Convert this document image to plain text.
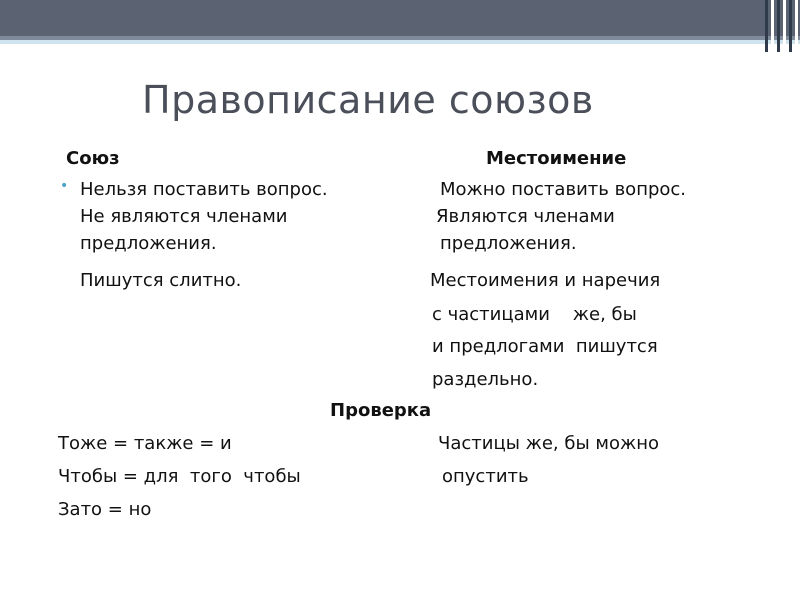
Правописание союзов
Союз	Местоимение
• Нельзя поставить вопрос.
Не являются членами
предложения.
Пишутся слитно.
Можно поставить вопрос.
Являются членами
предложения.
Местоимения и наречия
с частицами    же, бы
и предлогами  пишутся
раздельно.
Проверка
Тоже = также = и
Чтобы = для  того  чтобы
Зато = но
Частицы же, бы можно
опустить
